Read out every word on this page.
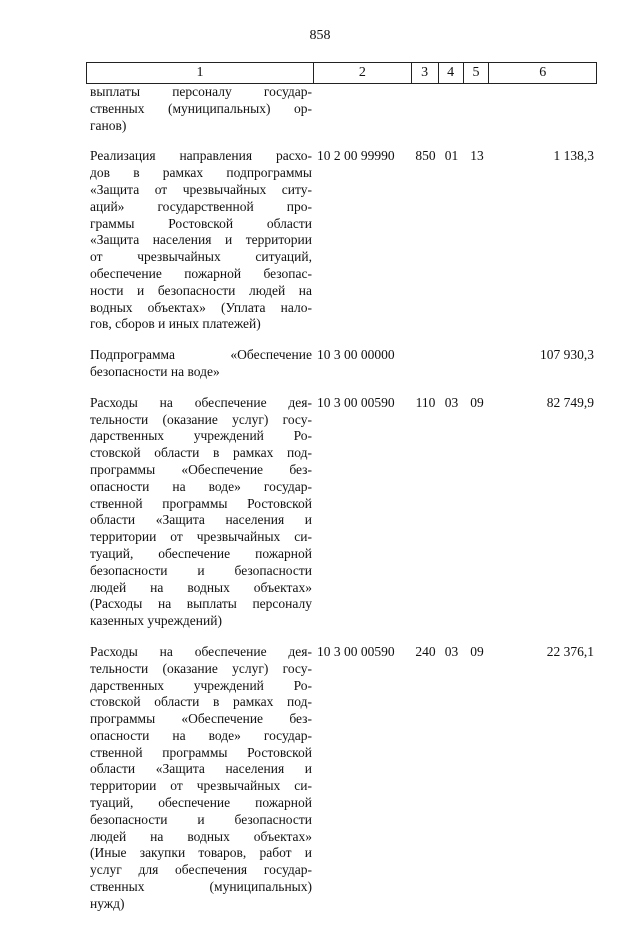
858
1	2	3	4	5	6
выплаты персоналу государ-
ственных (муниципальных) ор-
ганов)
Реализация направления расхо-
дов в рамках подпрограммы
«Защита от чрезвычайных ситу-
аций» государственной про-
граммы Ростовской области
«Защита населения и территории
от чрезвычайных ситуаций,
обеспечение пожарной безопас-
ности и безопасности людей на
водных объектах» (Уплата нало-
гов, сборов и иных платежей)
10 2 00 99990	850 01 13	1 138,3
Подпрограмма «Обеспечение
безопасности на воде»
10 3 00 00000	107 930,3
Расходы на обеспечение дея-
тельности (оказание услуг) госу-
дарственных учреждений Ро-
стовской области в рамках под-
программы «Обеспечение без-
опасности на воде» государ-
ственной программы Ростовской
области «Защита населения и
территории от чрезвычайных си-
туаций, обеспечение пожарной
безопасности и безопасности
людей на водных объектах»
(Расходы на выплаты персоналу
казенных учреждений)
10 3 00 00590	110 03 09	82 749,9
Расходы на обеспечение дея-
тельности (оказание услуг) госу-
дарственных учреждений Ро-
стовской области в рамках под-
программы «Обеспечение без-
опасности на воде» государ-
ственной программы Ростовской
области «Защита населения и
территории от чрезвычайных си-
туаций, обеспечение пожарной
безопасности и безопасности
людей на водных объектах»
(Иные закупки товаров, работ и
услуг для обеспечения государ-
ственных (муниципальных)
нужд)
10 3 00 00590	240 03 09	22 376,1
